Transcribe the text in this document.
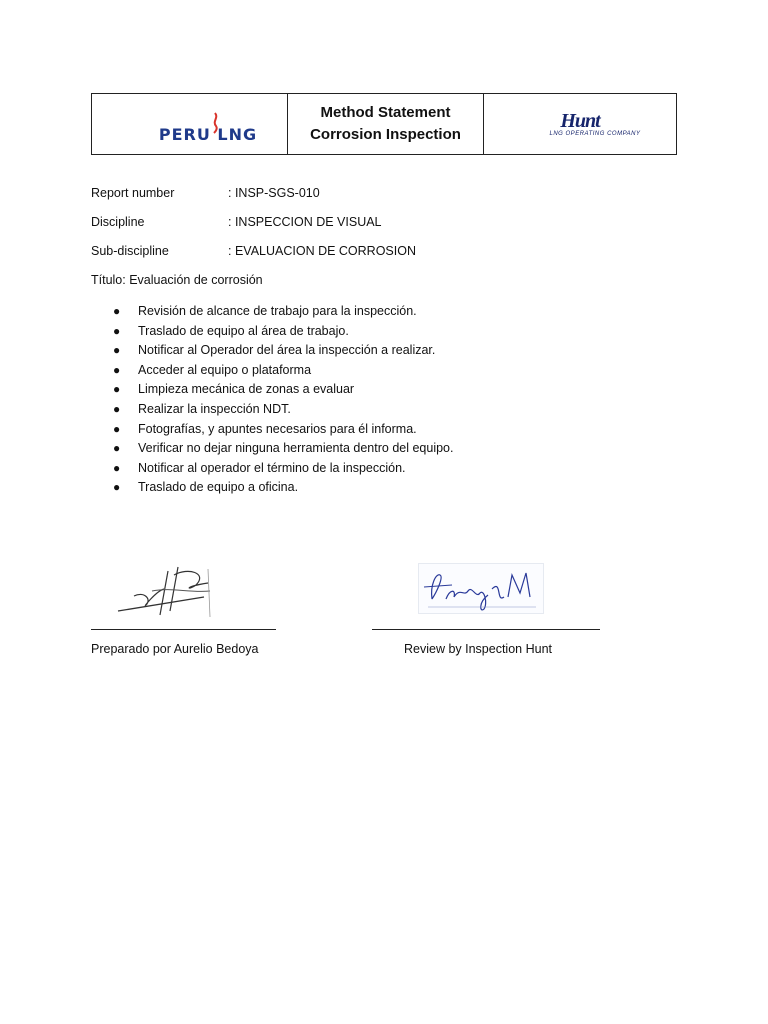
PERU LNG
Method Statement
Corrosion Inspection
Hunt
LNG OPERATING COMPANY
Report number	: INSP-SGS-010
Discipline	: INSPECCION DE VISUAL
Sub-discipline	: EVALUACION DE CORROSION
Título: Evaluación de corrosión
●	Revisión de alcance de trabajo para la inspección.
●	Traslado de equipo al área de trabajo.
●	Notificar al Operador del área la inspección a realizar.
●	Acceder al equipo o plataforma
●	Limpieza mecánica de zonas a evaluar
●	Realizar la inspección NDT.
●	Fotografías, y apuntes necesarios para él informa.
●	Verificar no dejar ninguna herramienta dentro del equipo.
●	Notificar al operador el término de la inspección.
●	Traslado de equipo a oficina.
Preparado por Aurelio Bedoya	Review by Inspection Hunt
